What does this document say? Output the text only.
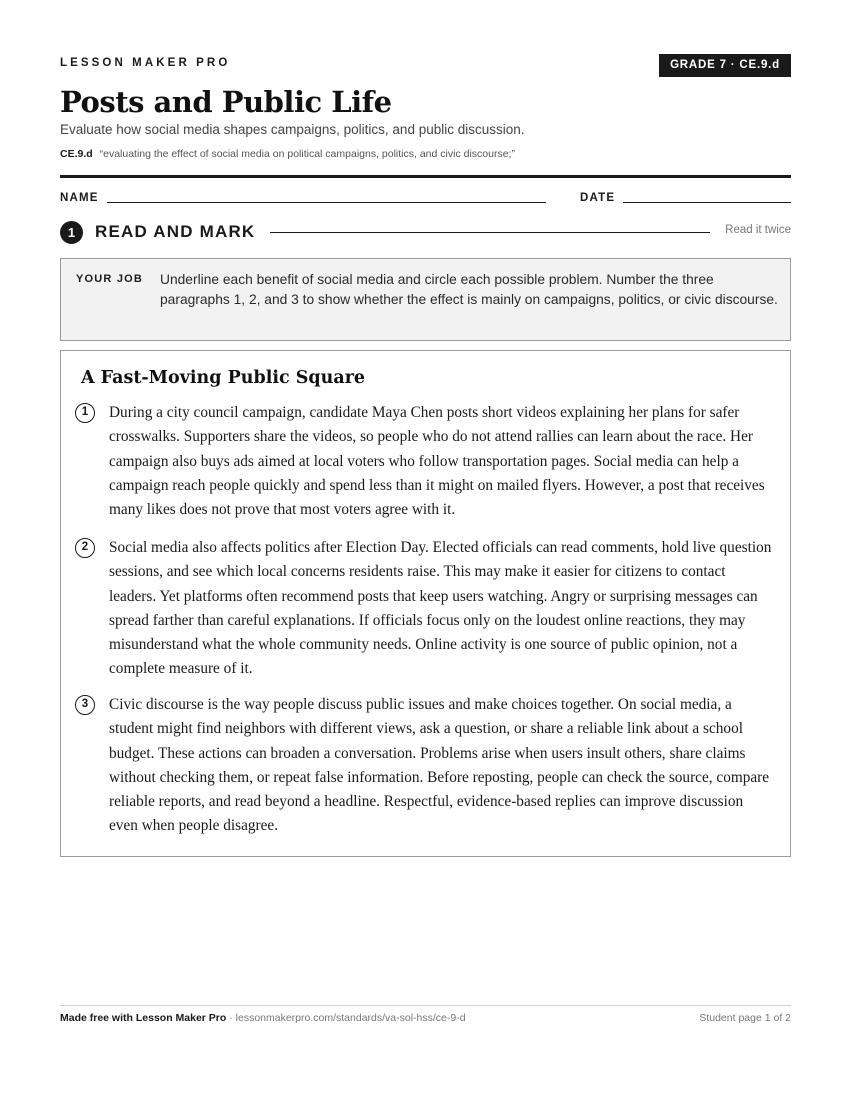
LESSON MAKER PRO	GRADE 7 · CE.9.d
Posts and Public Life
Evaluate how social media shapes campaigns, politics, and public discussion.
CE.9.d “evaluating the effect of social media on political campaigns, politics, and civic discourse;”
NAME	DATE
1	READ AND MARK	Read it twice
YOUR JOB Underline each benefit of social media and circle each possible problem. Number the three paragraphs 1, 2, and 3 to show whether the effect is mainly on campaigns, politics, or civic discourse.
A Fast-Moving Public Square
1	During a city council campaign, candidate Maya Chen posts short videos explaining her plans for safer crosswalks. Supporters share the videos, so people who do not attend rallies can learn about the race. Her campaign also buys ads aimed at local voters who follow transportation pages. Social media can help a campaign reach people quickly and spend less than it might on mailed flyers. However, a post that receives many likes does not prove that most voters agree with it.

2	Social media also affects politics after Election Day. Elected officials can read comments, hold live question sessions, and see which local concerns residents raise. This may make it easier for citizens to contact leaders. Yet platforms often recommend posts that keep users watching. Angry or surprising messages can spread farther than careful explanations. If officials focus only on the loudest online reactions, they may misunderstand what the whole community needs. Online activity is one source of public opinion, not a complete measure of it.

3	Civic discourse is the way people discuss public issues and make choices together. On social media, a student might find neighbors with different views, ask a question, or share a reliable link about a school budget. These actions can broaden a conversation. Problems arise when users insult others, share claims without checking them, or repeat false information. Before reposting, people can check the source, compare reliable reports, and read beyond a headline. Respectful, evidence-based replies can improve discussion even when people disagree.

Made free with Lesson Maker Pro · lessonmakerpro.com/standards/va-sol-hss/ce-9-d	Student page 1 of 2
